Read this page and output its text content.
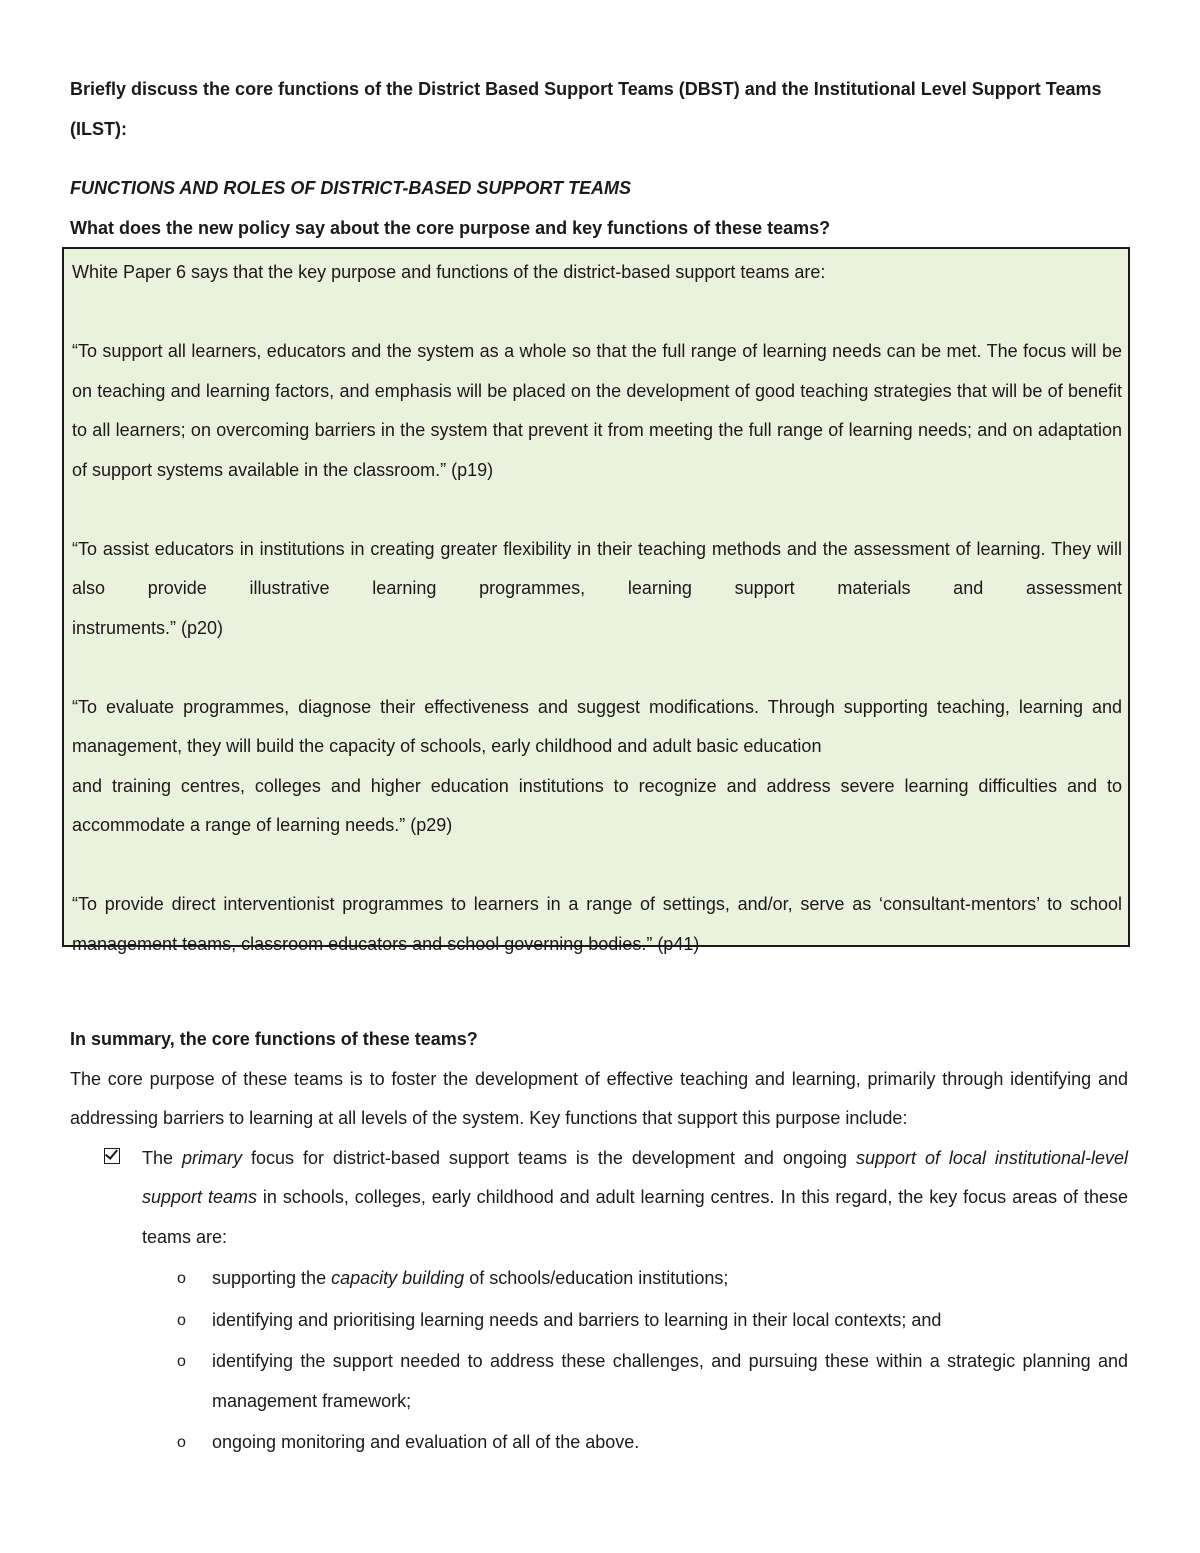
Briefly discuss the core functions of the District Based Support Teams (DBST) and the Institutional Level Support Teams

(ILST):

FUNCTIONS AND ROLES OF DISTRICT-BASED SUPPORT TEAMS

What does the new policy say about the core purpose and key functions of these teams?

White Paper 6 says that the key purpose and functions of the district-based support teams are:

“To support all learners, educators and the system as a whole so that the full range of learning needs can be met. The focus will be on teaching and learning factors, and emphasis will be placed on the development of good teaching strategies that will be of benefit to all learners; on overcoming barriers in the system that prevent it from meeting the full range of learning needs; and on adaptation of support systems available in the classroom.” (p19)

“To assist educators in institutions in creating greater flexibility in their teaching methods and the assessment of learning. They will also provide illustrative learning programmes, learning support materials and assessment

instruments.” (p20)

“To evaluate programmes, diagnose their effectiveness and suggest modifications. Through supporting teaching, learning and management, they will build the capacity of schools, early childhood and adult basic education

and training centres, colleges and higher education institutions to recognize and address severe learning difficulties and to accommodate a range of learning needs.” (p29)

“To provide direct interventionist programmes to learners in a range of settings, and/or, serve as ‘consultant-mentors’ to school management teams, classroom educators and school governing bodies.” (p41)

In summary, the core functions of these teams?

The core purpose of these teams is to foster the development of effective teaching and learning, primarily through identifying and addressing barriers to learning at all levels of the system. Key functions that support this purpose include:

The primary focus for district-based support teams is the development and ongoing support of local institutional-level support teams in schools, colleges, early childhood and adult learning centres. In this regard, the key focus areas of these teams are:
o supporting the capacity building of schools/education institutions;
o identifying and prioritising learning needs and barriers to learning in their local contexts; and
o identifying the support needed to address these challenges, and pursuing these within a strategic planning and management framework;
o ongoing monitoring and evaluation of all of the above.
